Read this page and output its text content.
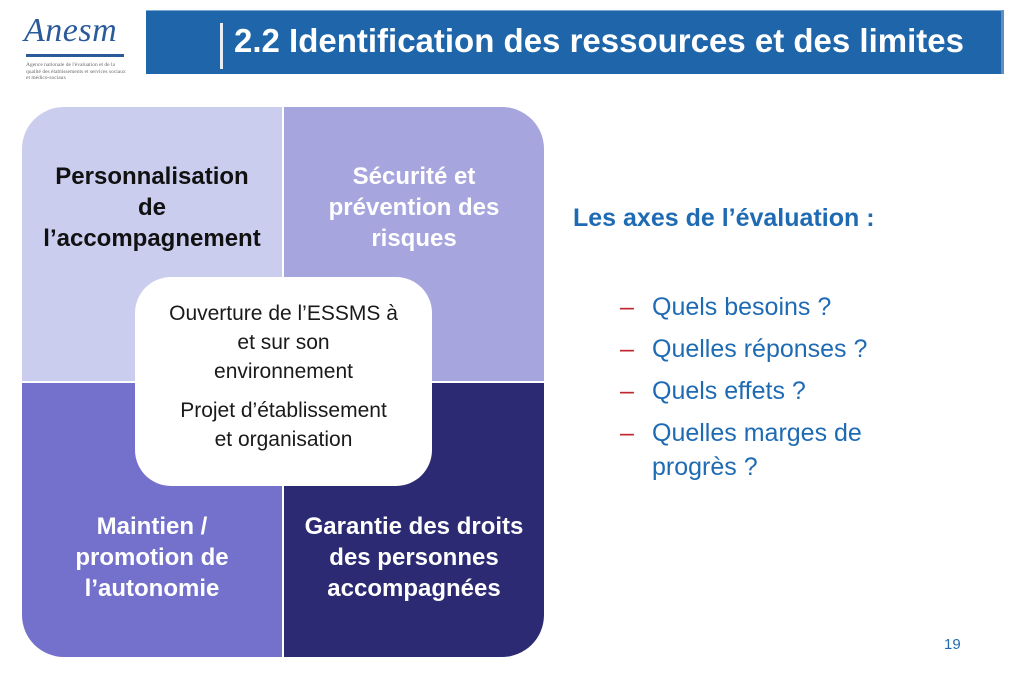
Anesm
Agence nationale de l'évaluation et de la qualité des établissements et services sociaux et médico-sociaux
2.2 Identification des ressources et des limites
Personnalisation
de
l’accompagnement
Sécurité et
prévention des
risques
Maintien /
promotion de
l’autonomie
Garantie des droits
des personnes
accompagnées
Ouverture de l’ESSMS à
et sur son
environnement
Projet d’établissement
et organisation
Les axes de l’évaluation :
– Quels besoins ?
– Quelles réponses ?
– Quels effets ?
– Quelles marges de
progrès ?
19
